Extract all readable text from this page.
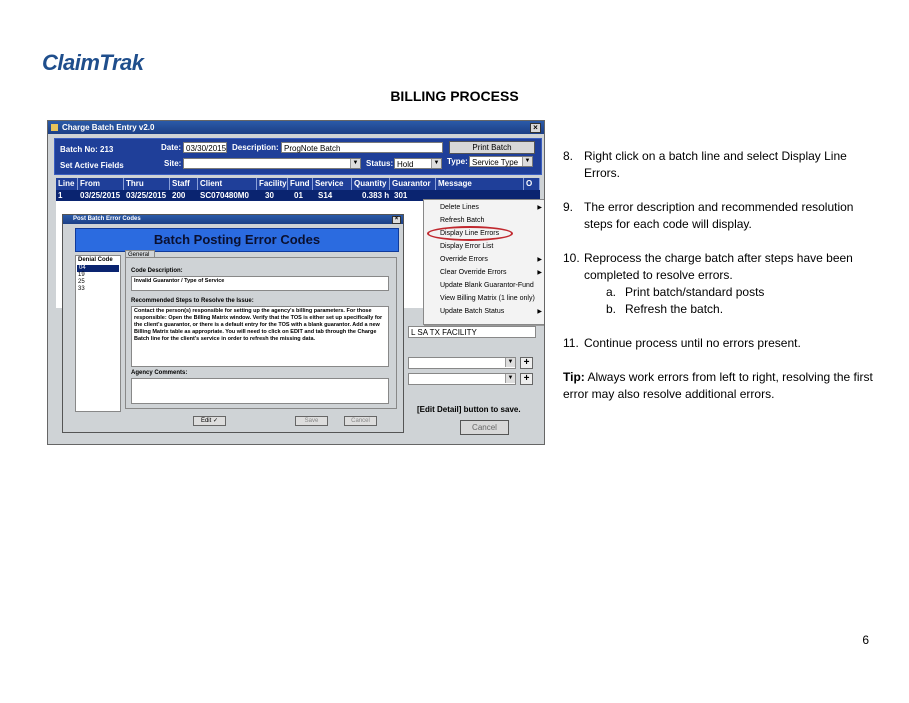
ClaimTrak
BILLING PROCESS
Charge Batch Entry v2.0	×
Batch No: 213	Date: 03/30/2015 Description: ProgNote Batch	Print Batch
Set Active Fields	Site:	▼ Status: Hold	▼ Type: Service Type	▼
Line From	Thru	Staff	Client	Facility Fund Service	Quantity Guarantor Message	O
1 03/25/2015 03/25/2015 200 SC070480M0 30	01 S14	0.383 h 301
L SA TX FACILITY
▼	+
▼	+
[Edit Detail] button to save.
Cancel
Post Batch Error Codes	×
Batch Posting Error Codes
Denial Code
04
19
25
33
General
Code Description:
Invalid Guarantor / Type of Service
Recommended Steps to Resolve the Issue:
Contact the person(s) responsible for setting up the agency's billing parameters. For those responsible: Open the Billing Matrix window. Verify that the TOS is either set up specifically for the client's guarantor, or there is a default entry for the TOS with a blank guarantor. Add a new Billing Matrix table as appropriate. You will need to click on EDIT and tab through the Charge Batch line for the client's service in order to refresh the missing data.
Agency Comments:
Edit ✓	Save	Cancel
Delete Lines	▶
Refresh Batch
Display Line Errors
Display Error List
Override Errors	▶
Clear Override Errors	▶
Update Blank Guarantor-Fund
View Billing Matrix (1 line only)
Update Batch Status	▶
8. Right click on a batch line and select Display Line Errors.
9. The error description and recommended resolution steps for each code will display.
10. Reprocess the charge batch after steps have been completed to resolve errors.
a. Print batch/standard posts
b. Refresh the batch.
11. Continue process until no errors present.
Tip: Always work errors from left to right, resolving the first error may also resolve additional errors.
6
